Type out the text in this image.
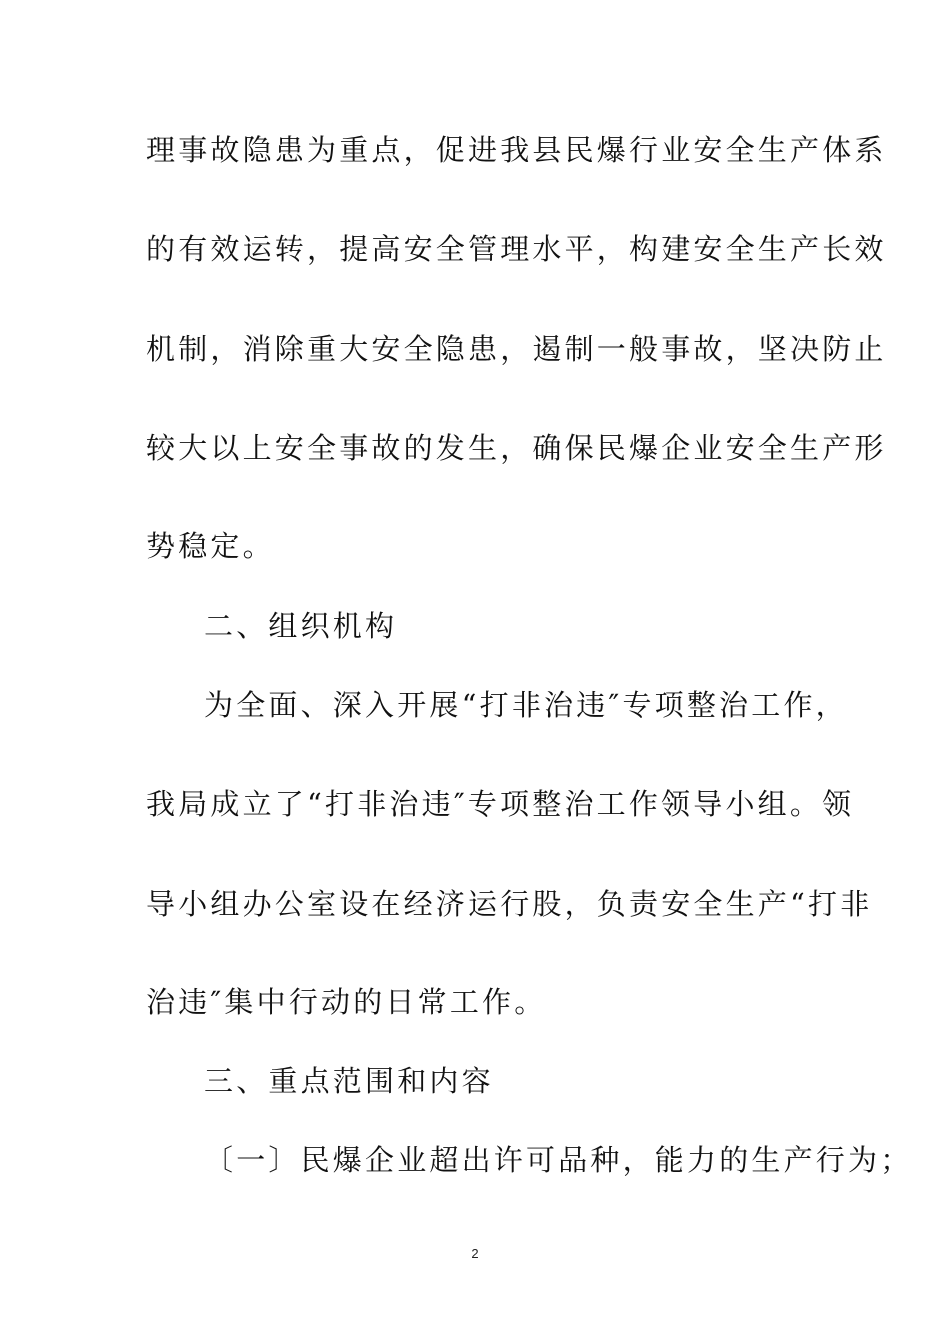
理事故隐患为重点，促进我县民爆行业安全生产体系
的有效运转，提高安全管理水平，构建安全生产长效
机制，消除重大安全隐患，遏制一般事故，坚决防止
较大以上安全事故的发生，确保民爆企业安全生产形
势稳定。
二、组织机构
为全面、深入开展“打非治违″专项整治工作，
我局成立了“打非治违″专项整治工作领导小组。领
导小组办公室设在经济运行股，负责安全生产“打非
治违″集中行动的日常工作。
三、重点范围和内容
〔一〕民爆企业超出许可品种，能力的生产行为；
2
